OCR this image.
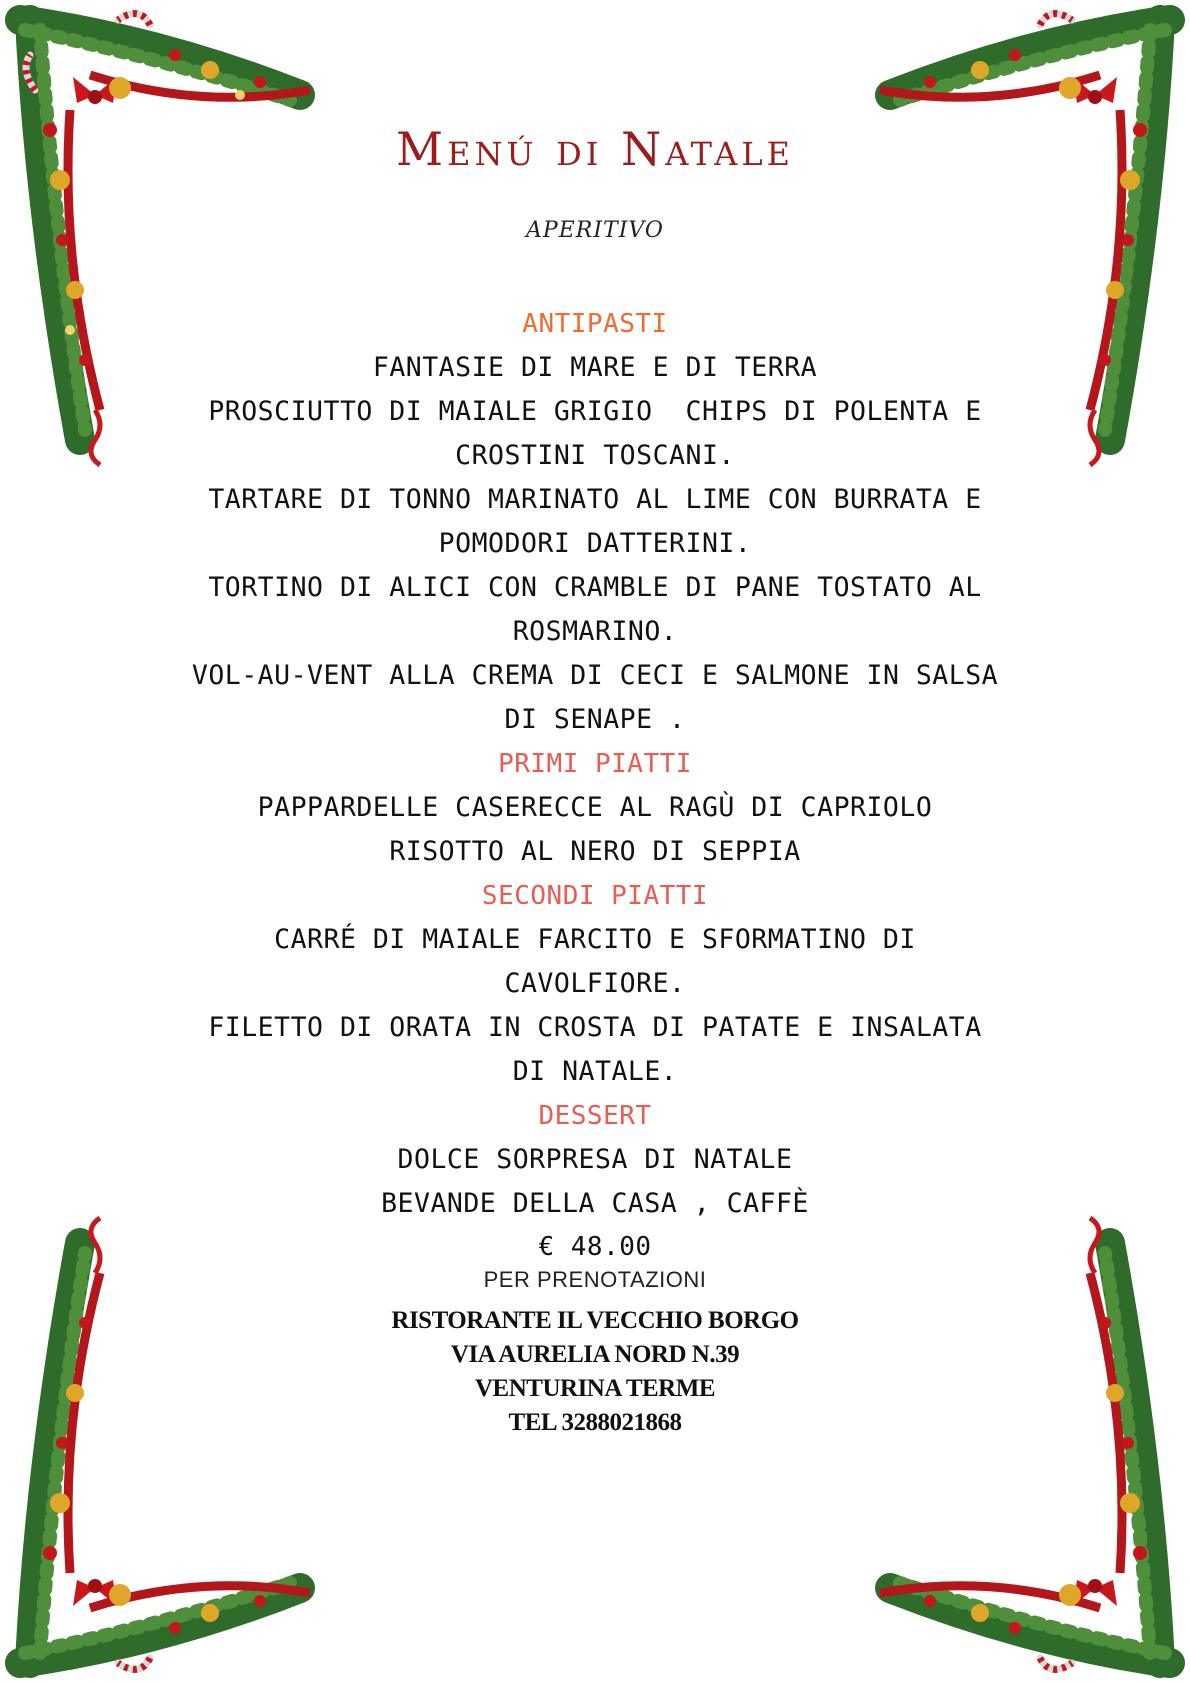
Menú di Natale
APERITIVO
ANTIPASTI
FANTASIE DI MARE E DI TERRA
PROSCIUTTO DI MAIALE GRIGIO  CHIPS DI POLENTA E
CROSTINI TOSCANI.
TARTARE DI TONNO MARINATO AL LIME CON BURRATA E
POMODORI DATTERINI.
TORTINO DI ALICI CON CRAMBLE DI PANE TOSTATO AL
ROSMARINO.
VOL-AU-VENT ALLA CREMA DI CECI E SALMONE IN SALSA
DI SENAPE .
PRIMI PIATTI
PAPPARDELLE CASERECCE AL RAGÙ DI CAPRIOLO
RISOTTO AL NERO DI SEPPIA
SECONDI PIATTI
CARRÉ DI MAIALE FARCITO E SFORMATINO DI
CAVOLFIORE.
FILETTO DI ORATA IN CROSTA DI PATATE E INSALATA
DI NATALE.
DESSERT
DOLCE SORPRESA DI NATALE
BEVANDE DELLA CASA , CAFFÈ
€ 48.00
PER PRENOTAZIONI
RISTORANTE IL VECCHIO BORGO
VIA AURELIA NORD N.39
VENTURINA TERME
TEL 3288021868
